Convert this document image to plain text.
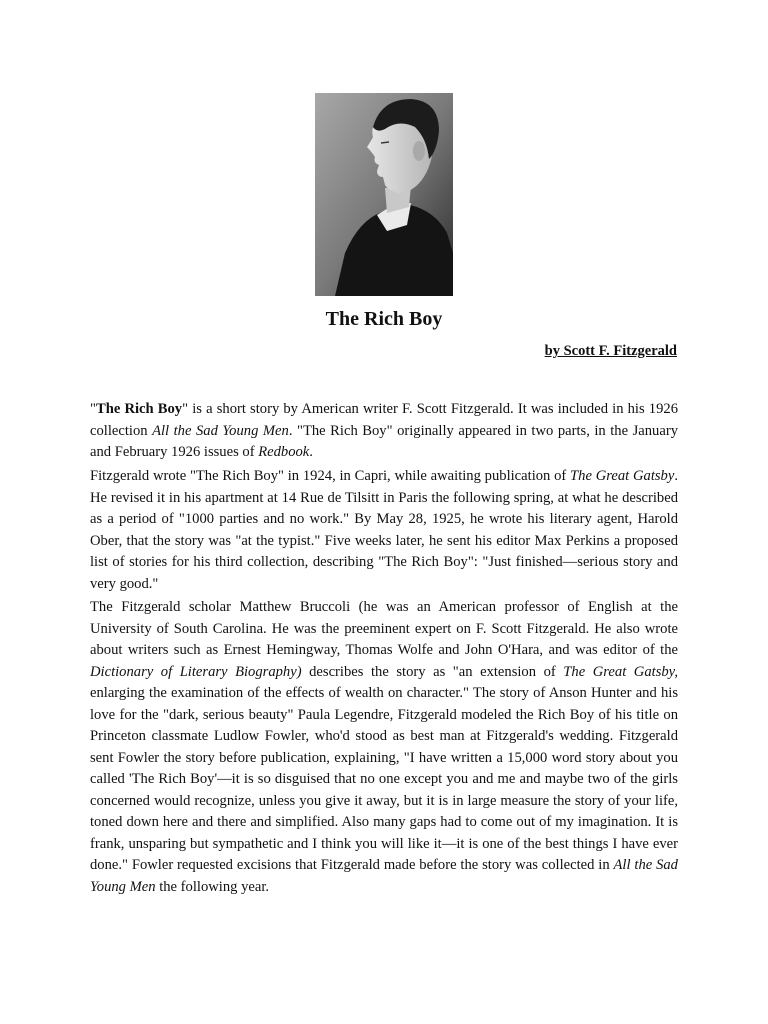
The Rich Boy
by Scott F. Fitzgerald

"The Rich Boy" is a short story by American writer F. Scott Fitzgerald. It was included in his 1926 collection All the Sad Young Men. "The Rich Boy" originally appeared in two parts, in the January and February 1926 issues of Redbook.

Fitzgerald wrote "The Rich Boy" in 1924, in Capri, while awaiting publication of The Great Gatsby. He revised it in his apartment at 14 Rue de Tilsitt in Paris the following spring, at what he described as a period of "1000 parties and no work." By May 28, 1925, he wrote his literary agent, Harold Ober, that the story was "at the typist." Five weeks later, he sent his editor Max Perkins a proposed list of stories for his third collection, describing "The Rich Boy": "Just finished—serious story and very good."

The Fitzgerald scholar Matthew Bruccoli (he was an American professor of English at the University of South Carolina. He was the preeminent expert on F. Scott Fitzgerald. He also wrote about writers such as Ernest Hemingway, Thomas Wolfe and John O'Hara, and was editor of the Dictionary of Literary Biography) describes the story as "an extension of The Great Gatsby, enlarging the examination of the effects of wealth on character." The story of Anson Hunter and his love for the "dark, serious beauty" Paula Legendre, Fitzgerald modeled the Rich Boy of his title on Princeton classmate Ludlow Fowler, who'd stood as best man at Fitzgerald's wedding. Fitzgerald sent Fowler the story before publication, explaining, "I have written a 15,000 word story about you called 'The Rich Boy'—it is so disguised that no one except you and me and maybe two of the girls concerned would recognize, unless you give it away, but it is in large measure the story of your life, toned down here and there and simplified. Also many gaps had to come out of my imagination. It is frank, unsparing but sympathetic and I think you will like it—it is one of the best things I have ever done." Fowler requested excisions that Fitzgerald made before the story was collected in All the Sad Young Men the following year.
